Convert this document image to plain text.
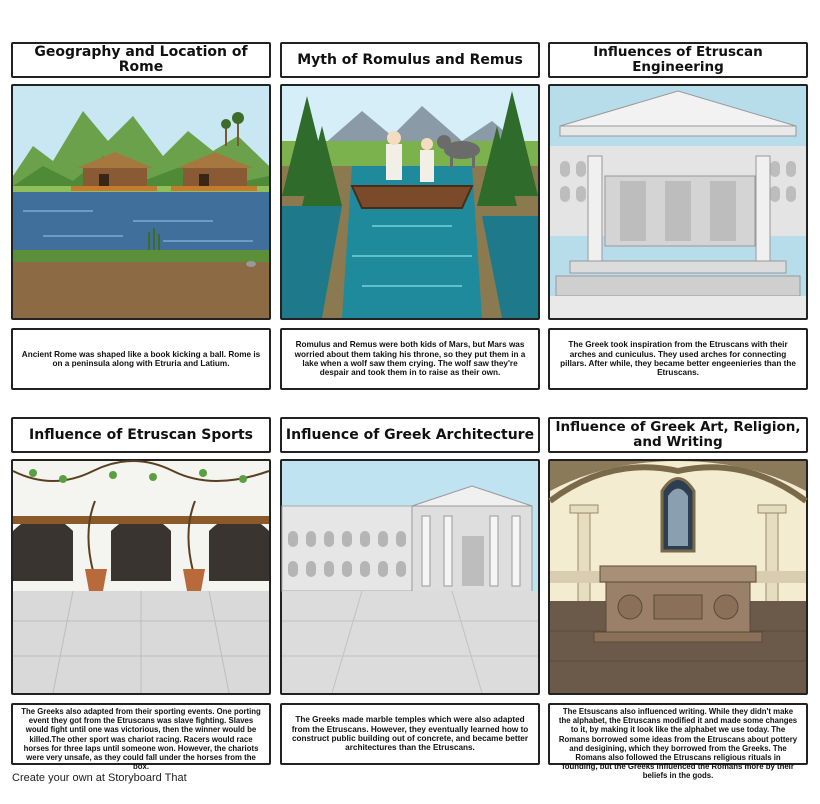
Geography and Location of Rome
Ancient Rome was shaped like a book kicking a ball. Rome is on a peninsula along with Etruria and Latium.
Myth of Romulus and Remus
Romulus and Remus were both kids of Mars, but Mars was worried about them taking his throne, so they put them in a lake when a wolf saw them crying. The wolf saw they're despair and took them in to raise as their own.
Influences of Etruscan Engineering
The Greek took inspiration from the Etruscans with their arches and cuniculus. They used arches for connecting pillars. After while, they became better engeenieries than the Etruscans.
Influence of Etruscan Sports
The Greeks also adapted from their sporting events. One porting event they got from the Etruscans was slave fighting. Slaves would fight until one was victorious, then the winner would be killed.The other sport was chariot racing. Racers would race horses for three laps until someone won. However, the chariots were very unsafe, as they could fall under the horses from the box.
Influence of Greek Architecture
The Greeks made marble temples which were also adapted from the Etruscans. However, they eventually learned how to construct public building out of concrete, and became better architectures than the Etruscans.
Influence of Greek Art, Religion, and Writing
The Etsuscans also influenced writing. While they didn't make the alphabet, the Etruscans modified it and made some changes to it, by making it look like the alphabet we use today. The Romans borrowed some ideas from the Etruscans about pottery and desigining, which they borrowed from the Greeks. The Romans also followed the Etruscans religious rituals in founding, but the Greeks influenced the Romans more by their beliefs in the gods.
Create your own at Storyboard That
